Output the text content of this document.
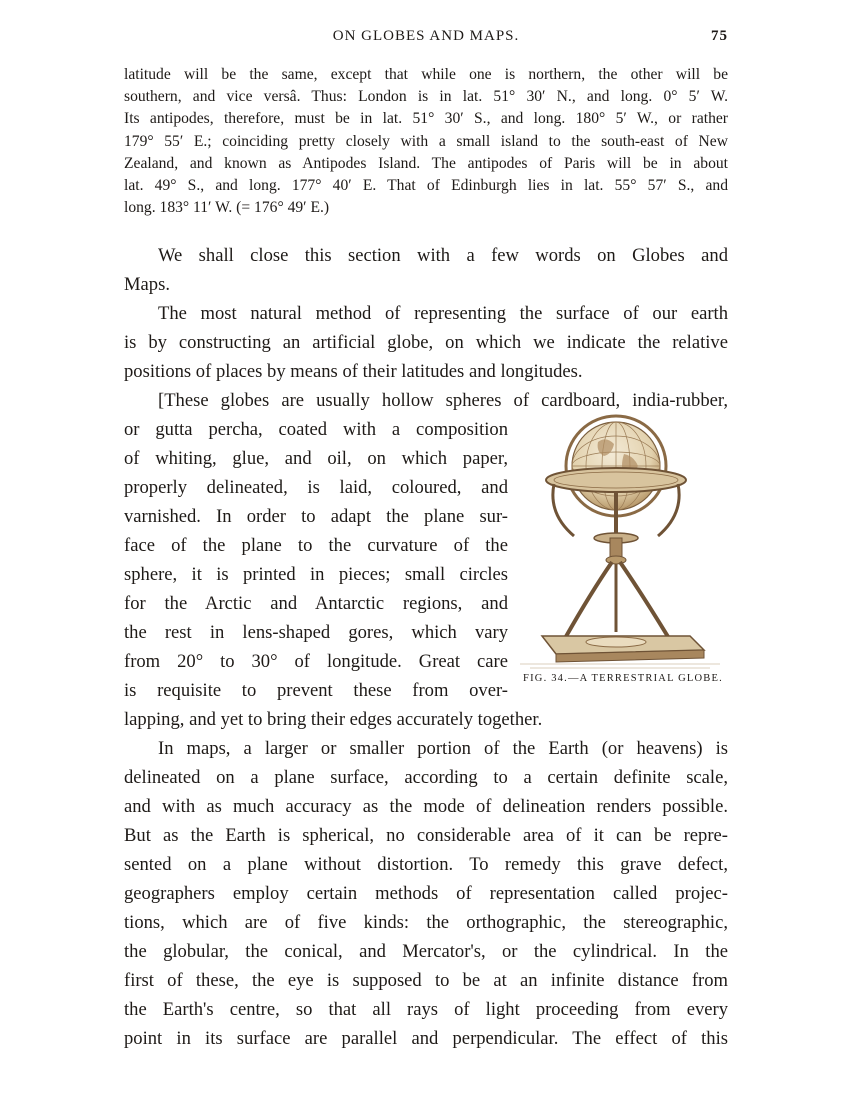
ON GLOBES AND MAPS.	75
latitude will be the same, except that while one is northern, the other will be
southern, and vice versâ. Thus: London is in lat. 51° 30′ N., and long. 0° 5′ W.
Its antipodes, therefore, must be in lat. 51° 30′ S., and long. 180° 5′ W., or rather
179° 55′ E.; coinciding pretty closely with a small island to the south-east of New
Zealand, and known as Antipodes Island. The antipodes of Paris will be in about
lat. 49° S., and long. 177° 40′ E. That of Edinburgh lies in lat. 55° 57′ S., and
long. 183° 11′ W. (= 176° 49′ E.)
We shall close this section with a few words on Globes and
Maps.
The most natural method of representing the surface of our earth
is by constructing an artificial globe, on which we indicate the relative
positions of places by means of their latitudes and longitudes.
[These globes are usually hollow spheres of cardboard, india-rubber,
or gutta percha, coated with a composition
of whiting, glue, and oil, on which paper,
properly delineated, is laid, coloured, and
varnished. In order to adapt the plane sur-
face of the plane to the curvature of the
sphere, it is printed in pieces; small circles
for the Arctic and Antarctic regions, and
the rest in lens-shaped gores, which vary
from 20° to 30° of longitude. Great care
is requisite to prevent these from over-
lapping, and yet to bring their edges accurately together.
FIG. 34.—A TERRESTRIAL GLOBE.
In maps, a larger or smaller portion of the Earth (or heavens) is
delineated on a plane surface, according to a certain definite scale,
and with as much accuracy as the mode of delineation renders possible.
But as the Earth is spherical, no considerable area of it can be repre-
sented on a plane without distortion. To remedy this grave defect,
geographers employ certain methods of representation called projec-
tions, which are of five kinds: the orthographic, the stereographic,
the globular, the conical, and Mercator's, or the cylindrical. In the
first of these, the eye is supposed to be at an infinite distance from
the Earth's centre, so that all rays of light proceeding from every
point in its surface are parallel and perpendicular. The effect of this
